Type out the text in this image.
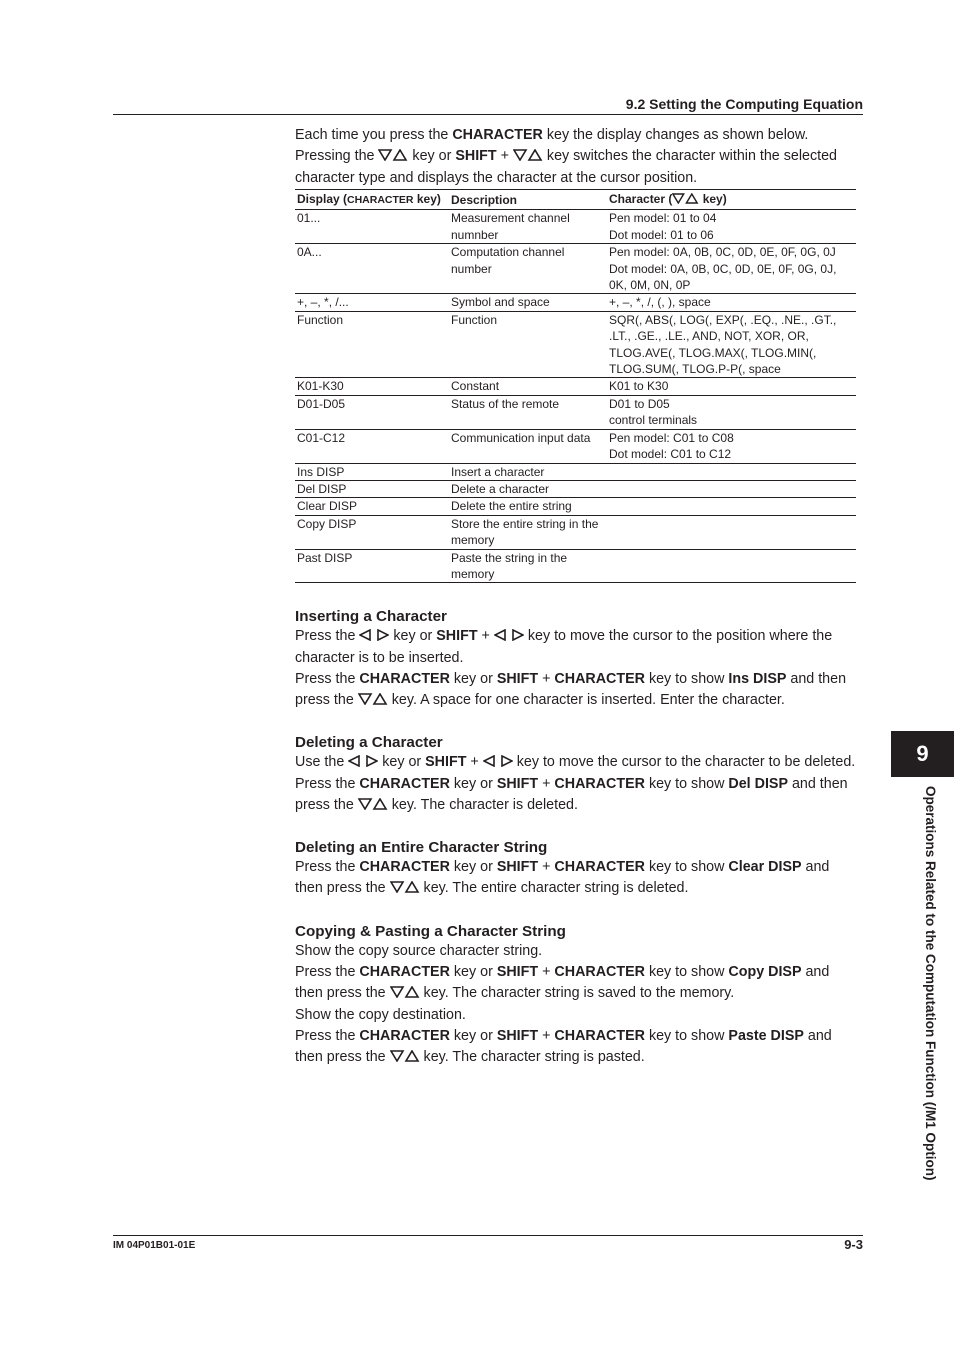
9.2 Setting the Computing Equation
Each time you press the CHARACTER key the display changes as shown below.
Pressing the  key or SHIFT +  key switches the character within the selected
character type and displays the character at the cursor position.
Display (CHARACTER key)	Description	Character ( key)

01...	Measurement channel numnber	Pen model: 01 to 04
Dot model: 01 to 06

0A...	Computation channel number	Pen model: 0A, 0B, 0C, 0D, 0E, 0F, 0G, 0J
Dot model: 0A, 0B, 0C, 0D, 0E, 0F, 0G, 0J, 0K, 0M, 0N, 0P

+, –, *, /...	Symbol and space	+, –, *, /, (, ), space

Function	Function	SQR(, ABS(, LOG(, EXP(, .EQ., .NE., .GT., .LT., .GE., .LE., AND, NOT, XOR, OR, TLOG.AVE(, TLOG.MAX(, TLOG.MIN(, TLOG.SUM(, TLOG.P-P(, space

K01-K30	Constant	K01 to K30

D01-D05	Status of the remote	D01 to D05
control terminals

C01-C12	Communication input data	Pen model: C01 to C08
Dot model: C01 to C12

Ins DISP	Insert a character	

Del DISP	Delete a character	

Clear DISP	Delete the entire string	

Copy DISP	Store the entire string in the memory	

Past DISP	Paste the string in the memory	

Inserting a Character
Press the  key or SHIFT +  key to move the cursor to the position where the
character is to be inserted.
Press the CHARACTER key or SHIFT + CHARACTER key to show Ins DISP and then
press the  key. A space for one character is inserted. Enter the character.
Deleting a Character
Use the  key or SHIFT +  key to move the cursor to the character to be deleted.
Press the CHARACTER key or SHIFT + CHARACTER key to show Del DISP and then
press the  key. The character is deleted.
Deleting an Entire Character String
Press the CHARACTER key or SHIFT + CHARACTER key to show Clear DISP and
then press the  key. The entire character string is deleted.
Copying & Pasting a Character String
Show the copy source character string.
Press the CHARACTER key or SHIFT + CHARACTER key to show Copy DISP and
then press the  key. The character string is saved to the memory.
Show the copy destination.
Press the CHARACTER key or SHIFT + CHARACTER key to show Paste DISP and
then press the  key. The character string is pasted.
9
Operations Related to the Computation Function (/M1 Option)
IM 04P01B01-01E	9-3
